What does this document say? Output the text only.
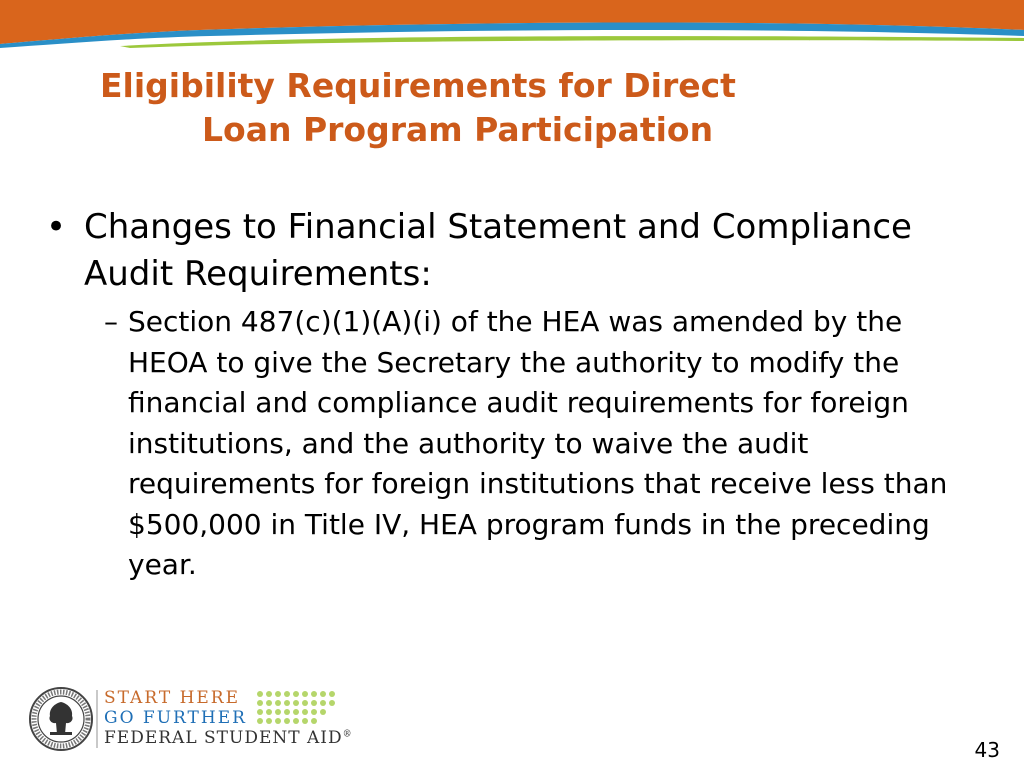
Eligibility Requirements for Direct
Loan Program Participation
• Changes to Financial Statement and Compliance Audit Requirements:
– Section 487(c)(1)(A)(i) of the HEA was amended by the HEOA to give the Secretary the authority to modify the financial and compliance audit requirements for foreign institutions, and the authority to waive the audit requirements for foreign institutions that receive less than $500,000 in Title IV, HEA program funds in the preceding year.
START HERE
GO FURTHER
FEDERAL STUDENT AID®
43
